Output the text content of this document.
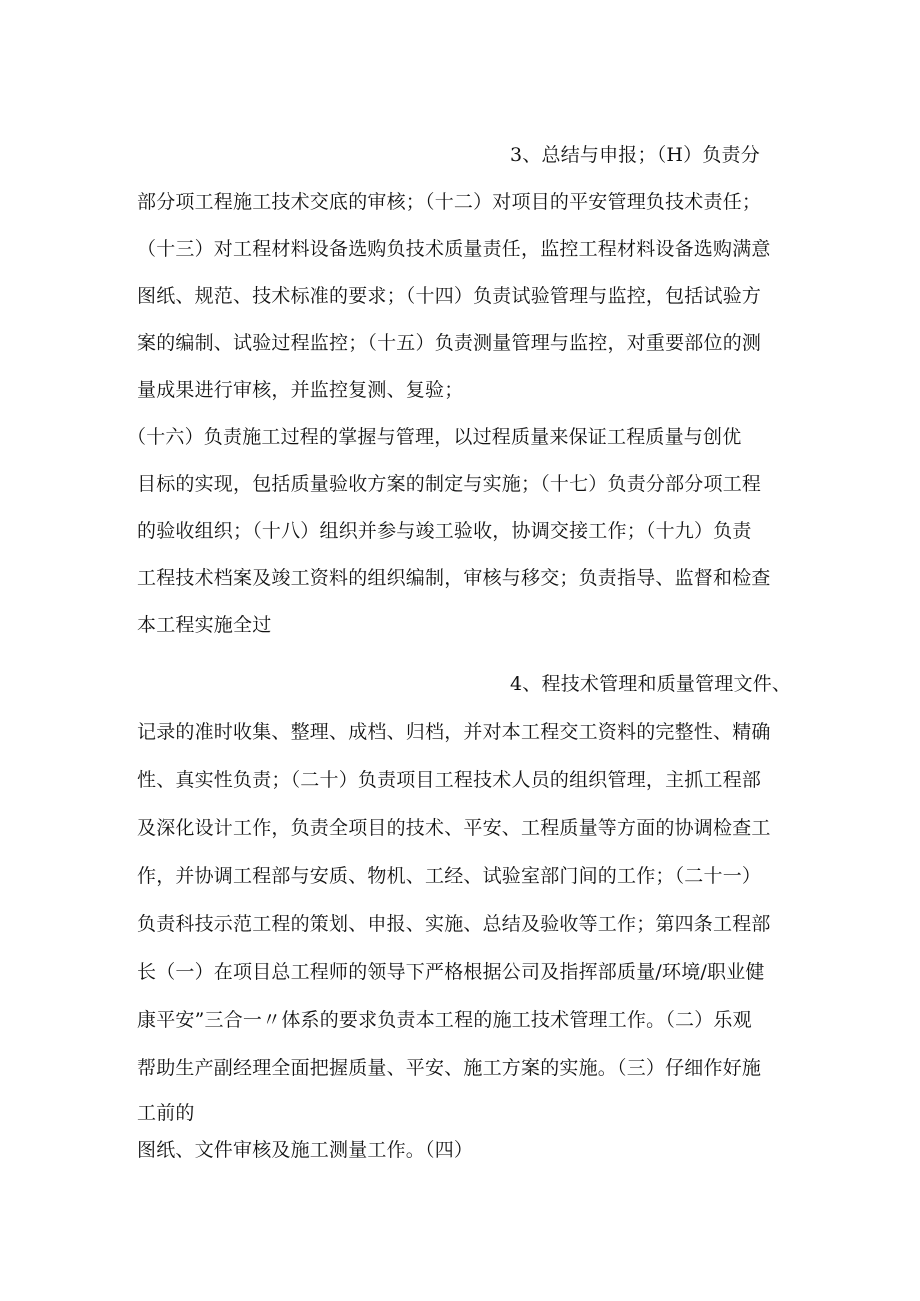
3、总结与申报；（H）负责分
部分项工程施工技术交底的审核；（十二）对项目的平安管理负技术责任；
（十三）对工程材料设备选购负技术质量责任，监控工程材料设备选购满意
图纸、规范、技术标准的要求；（十四）负责试验管理与监控，包括试验方
案的编制、试验过程监控；（十五）负责测量管理与监控，对重要部位的测
量成果进行审核，并监控复测、复验；
（十六）负责施工过程的掌握与管理，以过程质量来保证工程质量与创优
目标的实现，包括质量验收方案的制定与实施；（十七）负责分部分项工程
的验收组织；（十八）组织并参与竣工验收，协调交接工作；（十九）负责
工程技术档案及竣工资料的组织编制，审核与移交；负责指导、监督和检查
本工程实施全过
4、程技术管理和质量管理文件、
记录的准时收集、整理、成档、归档，并对本工程交工资料的完整性、精确
性、真实性负责；（二十）负责项目工程技术人员的组织管理，主抓工程部
及深化设计工作，负责全项目的技术、平安、工程质量等方面的协调检查工
作，并协调工程部与安质、物机、工经、试验室部门间的工作；（二十一）
负责科技示范工程的策划、申报、实施、总结及验收等工作；第四条工程部
长（一）在项目总工程师的领导下严格根据公司及指挥部质量/环境/职业健
康平安”三合一〃体系的要求负责本工程的施工技术管理工作。（二）乐观
帮助生产副经理全面把握质量、平安、施工方案的实施。（三）仔细作好施
工前的
图纸、文件审核及施工测量工作。（四）
